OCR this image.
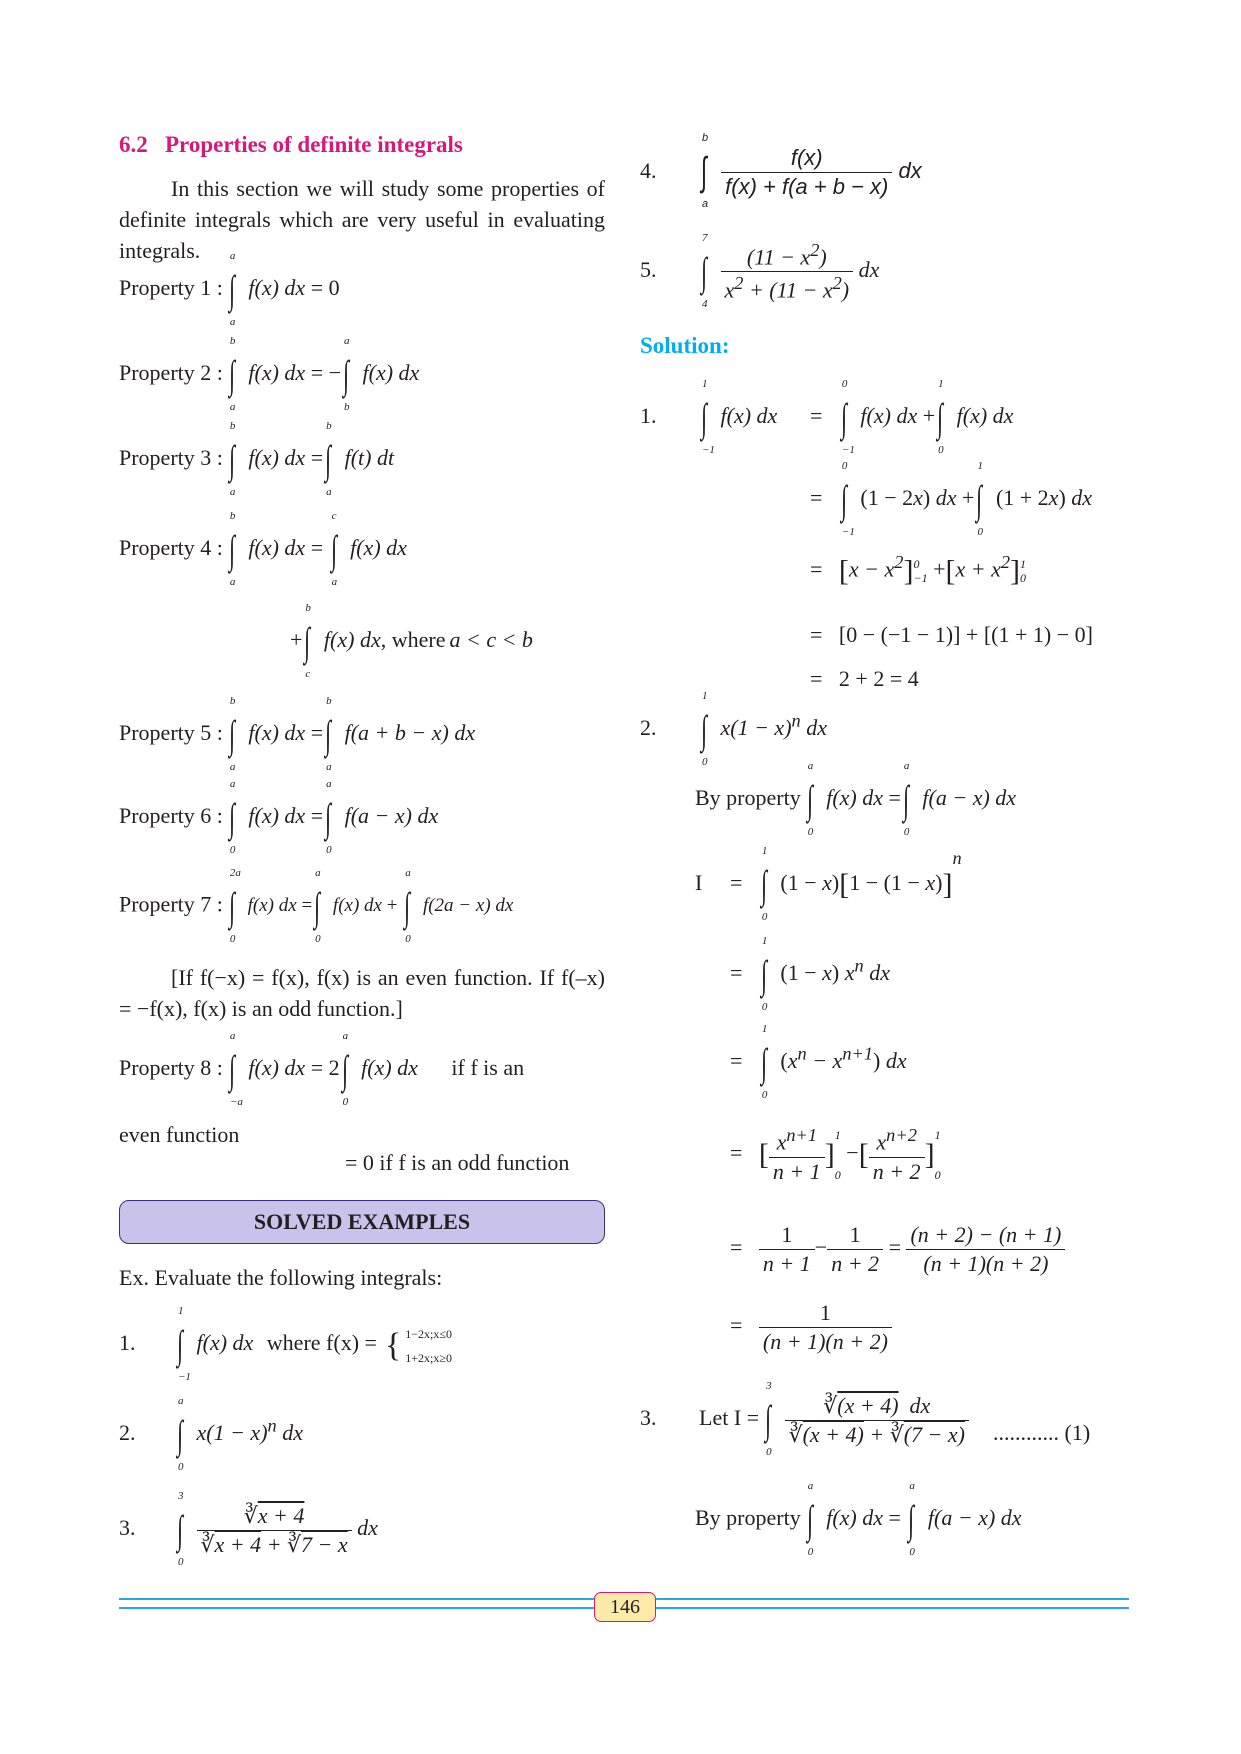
6.2 Properties of definite integrals
In this section we will study some properties of definite integrals which are very useful in evaluating integrals.
Property 1 :
a
∫
a
f(x) dx = 0
Property 2 :
b
∫
a
f(x) dx = −
a
∫
b
f(x) dx
Property 3 :
b
∫
a
f(x) dx =
b
∫
a
f(t) dt
Property 4 :
b
∫
a
f(x) dx =
c
∫
a
f(x) dx
+
b
∫
c
f(x) dx, where a < c < b
Property 5 :
b
∫
a
f(x) dx =
b
∫
a
f(a + b − x) dx
Property 6 :
a
∫
0
f(x) dx =
a
∫
0
f(a − x) dx
Property 7 :
2a
∫
0
f(x) dx =
a
∫
0
f(x) dx +
a
∫
0
f(2a − x) dx
[If f(−x) = f(x), f(x) is an even function. If f(–x) = −f(x), f(x) is an odd function.]
Property 8 :
a
∫
−a
f(x) dx = 2
a
∫
0
f(x) dx if f is an
even function
= 0 if f is an odd function
SOLVED EXAMPLES
Ex. Evaluate the following integrals:
1.
1
∫
−1
f(x) dx where f(x) = { 1−2x;x≤0
1+2x;x≥0
2.
a
∫
0
$x(1 - x)^n$ dx
3.
3
∫
0

$\frac{∛x + 4}{∛x + 4 + ∛7 - x}$ dx
4.
b
∫
a

$\frac{f(x)}{f(x) + f(a + b - x)}$ dx
5.
7
∫
4

$\frac{(11 - x^2)}{x^2 + (11 - x^2)}$ dx
Solution:
1.
1
∫
−1
f(x) dx =
0
∫
−1
f(x) dx +
1
∫
0
f(x) dx
=
0
∫
−1
(1 − 2x) dx +
1
∫
0
(1 + 2x) dx
= $[x - x^2]$ 0
$-1 +[x + x^2]$ 1
0
=   [0 − (−1 − 1)] + [(1 + 1) − 0]
=   2 + 2 = 4
2.
1
∫
0
$x(1 - x)^n$ dx
By property
a
∫
0
f(x) dx =
a
∫
0
f(a − x) dx
I =
1
∫
0
$(1 - x)[1 - (1 - x)]^n$
=
1
∫
0
(1 − x) $x^n$ dx
=
1
∫
0
$(x^n - x^{n+1})$ dx
= [ $\frac{x^{n+1}}{n + 1}$ ]
1
0
−[ $\frac{x^{n+2}}{n + 2}$ ]
1
0
= $\frac{1}{n + 1} - \frac{1}{n + 2} = \frac{(n + 2) - (n + 1)}{(n + 1)(n + 2)}$
= $\frac{1}{(n + 1)(n + 2)}$
3. Let I =
3
∫
0

$\frac{∛(x + 4) dx}{∛(x + 4) + ∛(7 - x)}$ ............ (1)
By property
a
∫
0
f(x) dx =
a
∫
0
f(a − x) dx
146
